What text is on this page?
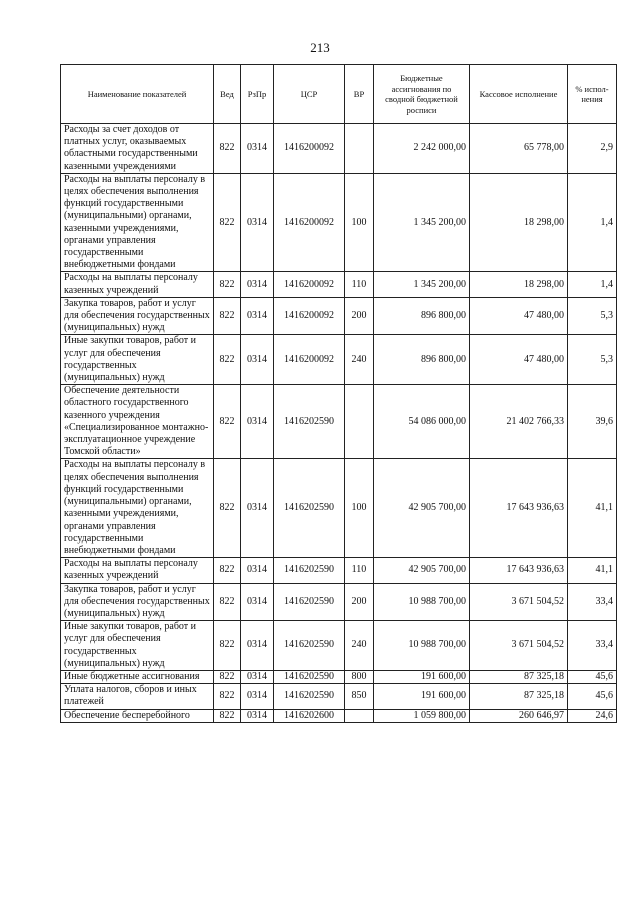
213
Наименование показателей	Вед	РзПр	ЦСР	ВР	Бюджетные ассигнования по сводной бюджетной росписи	Кассовое исполнение	% испол-нения
Расходы за счет доходов от платных услуг, оказываемых областными государственными казенными учреждениями	822	0314	1416200092		2 242 000,00	65 778,00	2,9
Расходы на выплаты персоналу в целях обеспечения выполнения функций государственными (муниципальными) органами, казенными учреждениями, органами управления государственными внебюджетными фондами	822	0314	1416200092	100	1 345 200,00	18 298,00	1,4
Расходы на выплаты персоналу казенных учреждений	822	0314	1416200092	110	1 345 200,00	18 298,00	1,4
Закупка товаров, работ и услуг для обеспечения государственных (муниципальных) нужд	822	0314	1416200092	200	896 800,00	47 480,00	5,3
Иные закупки товаров, работ и услуг для обеспечения государственных (муниципальных) нужд	822	0314	1416200092	240	896 800,00	47 480,00	5,3
Обеспечение деятельности областного государственного казенного учреждения «Специализированное монтажно-эксплуатационное учреждение Томской области»	822	0314	1416202590		54 086 000,00	21 402 766,33	39,6
Расходы на выплаты персоналу в целях обеспечения выполнения функций государственными (муниципальными) органами, казенными учреждениями, органами управления государственными внебюджетными фондами	822	0314	1416202590	100	42 905 700,00	17 643 936,63	41,1
Расходы на выплаты персоналу казенных учреждений	822	0314	1416202590	110	42 905 700,00	17 643 936,63	41,1
Закупка товаров, работ и услуг для обеспечения государственных (муниципальных) нужд	822	0314	1416202590	200	10 988 700,00	3 671 504,52	33,4
Иные закупки товаров, работ и услуг для обеспечения государственных (муниципальных) нужд	822	0314	1416202590	240	10 988 700,00	3 671 504,52	33,4
Иные бюджетные ассигнования	822	0314	1416202590	800	191 600,00	87 325,18	45,6
Уплата налогов, сборов и иных платежей	822	0314	1416202590	850	191 600,00	87 325,18	45,6
Обеспечение бесперебойного	822	0314	1416202600		1 059 800,00	260 646,97	24,6
